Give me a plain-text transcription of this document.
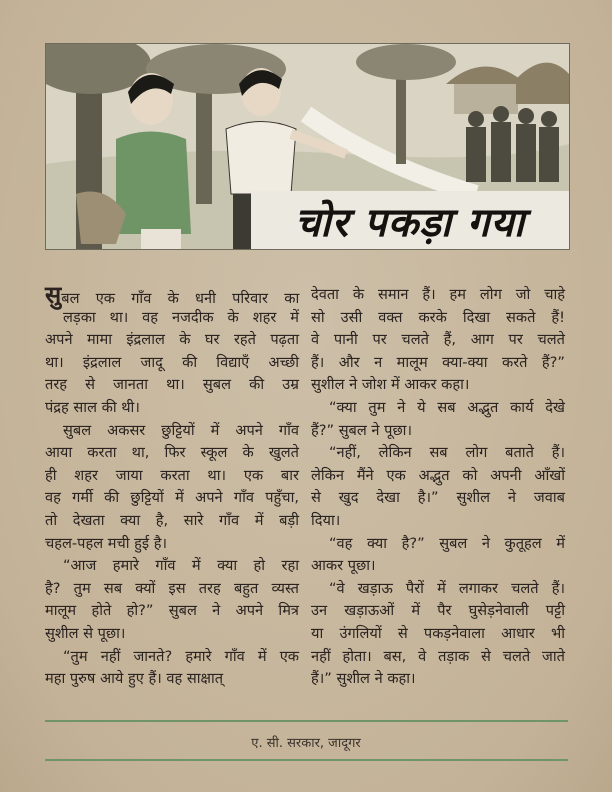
चोर पकड़ा गया
सुबल एक गाँव के धनी परिवार का
लड़का था। वह नजदीक के शहर में
अपने मामा इंद्रलाल के घर रहते पढ़ता
था। इंद्रलाल जादू की विद्याएँ अच्छी
तरह से जानता था। सुबल की उम्र
पंद्रह साल की थी।
सुबल अकसर छुट्टियों में अपने गाँव
आया करता था, फिर स्कूल के खुलते
ही शहर जाया करता था। एक बार
वह गर्मी की छुट्टियों में अपने गाँव पहुँचा,
तो देखता क्या है, सारे गाँव में बड़ी
चहल-पहल मची हुई है।
“आज हमारे गाँव में क्या हो रहा
है? तुम सब क्यों इस तरह बहुत व्यस्त
मालूम होते हो?” सुबल ने अपने मित्र
सुशील से पूछा।
“तुम नहीं जानते? हमारे गाँव में एक
महा पुरुष आये हुए हैं। वह साक्षात्
देवता के समान हैं। हम लोग जो चाहे
सो उसी वक्त करके दिखा सकते हैं!
वे पानी पर चलते हैं, आग पर चलते
हैं। और न मालूम क्या-क्या करते हैं?”
सुशील ने जोश में आकर कहा।
“क्या तुम ने ये सब अद्भुत कार्य देखे
हैं?” सुबल ने पूछा।
“नहीं, लेकिन सब लोग बताते हैं।
लेकिन मैंने एक अद्भुत को अपनी आँखों
से खुद देखा है।” सुशील ने जवाब
दिया।
“वह क्या है?” सुबल ने कुतूहल में
आकर पूछा।
“वे खड़ाऊ पैरों में लगाकर चलते हैं।
उन खड़ाऊओं में पैर घुसेड़नेवाली पट्टी
या उंगलियों से पकड़नेवाला आधार भी
नहीं होता। बस, वे तड़ाक से चलते जाते
हैं।” सुशील ने कहा।
ए. सी. सरकार, जादूगर
